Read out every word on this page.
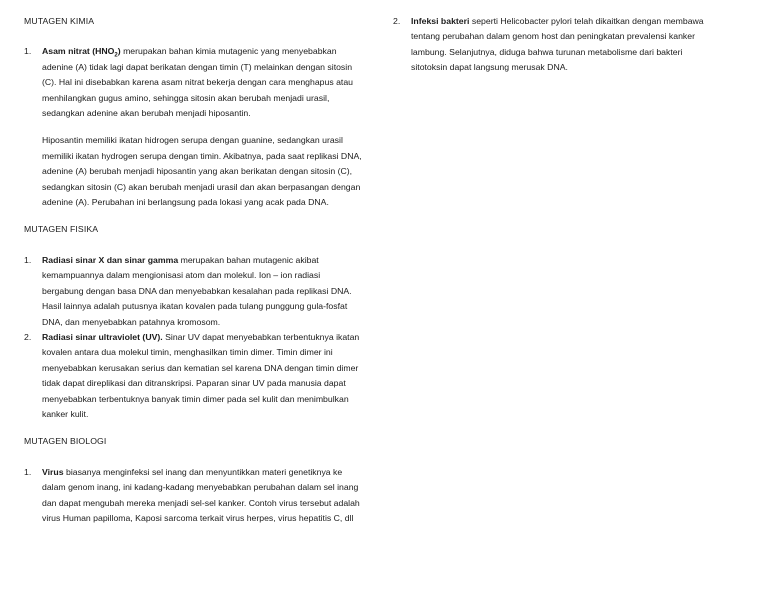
MUTAGEN KIMIA
1. Asam nitrat $(HNO_2)$ merupakan bahan kimia mutagenic yang menyebabkan adenine (A) tidak lagi dapat berikatan dengan timin (T) melainkan dengan sitosin (C). Hal ini disebabkan karena asam nitrat bekerja dengan cara menghapus atau menhilangkan gugus amino, sehingga sitosin akan berubah menjadi urasil, sedangkan adenine akan berubah menjadi hiposantin.
Hiposantin memiliki ikatan hidrogen serupa dengan guanine, sedangkan urasil memiliki ikatan hydrogen serupa dengan timin. Akibatnya, pada saat replikasi DNA, adenine (A) berubah menjadi hiposantin yang akan berikatan dengan sitosin (C), sedangkan sitosin (C) akan berubah menjadi urasil dan akan berpasangan dengan adenine (A). Perubahan ini berlangsung pada lokasi yang acak pada DNA.
MUTAGEN FISIKA
1. Radiasi sinar X dan sinar gamma merupakan bahan mutagenic akibat kemampuannya dalam mengionisasi atom dan molekul. Ion – ion radiasi bergabung dengan basa DNA dan menyebabkan kesalahan pada replikasi DNA. Hasil lainnya adalah putusnya ikatan kovalen pada tulang punggung gula-fosfat DNA, dan menyebabkan patahnya kromosom.
2. Radiasi sinar ultraviolet (UV). Sinar UV dapat menyebabkan terbentuknya ikatan kovalen antara dua molekul timin, menghasilkan timin dimer. Timin dimer ini menyebabkan kerusakan serius dan kematian sel karena DNA dengan timin dimer tidak dapat direplikasi dan ditranskripsi. Paparan sinar UV pada manusia dapat menyebabkan terbentuknya banyak timin dimer pada sel kulit dan menimbulkan kanker kulit.
MUTAGEN BIOLOGI
1. Virus biasanya menginfeksi sel inang dan menyuntikkan materi genetiknya ke dalam genom inang, ini kadang-kadang menyebabkan perubahan dalam sel inang dan dapat mengubah mereka menjadi sel-sel kanker. Contoh virus tersebut adalah virus Human papilloma, Kaposi sarcoma terkait virus herpes, virus hepatitis C, dll
2. Infeksi bakteri seperti Helicobacter pylori telah dikaitkan dengan membawa tentang perubahan dalam genom host dan peningkatan prevalensi kanker lambung. Selanjutnya, diduga bahwa turunan metabolisme dari bakteri sitotoksin dapat langsung merusak DNA.
